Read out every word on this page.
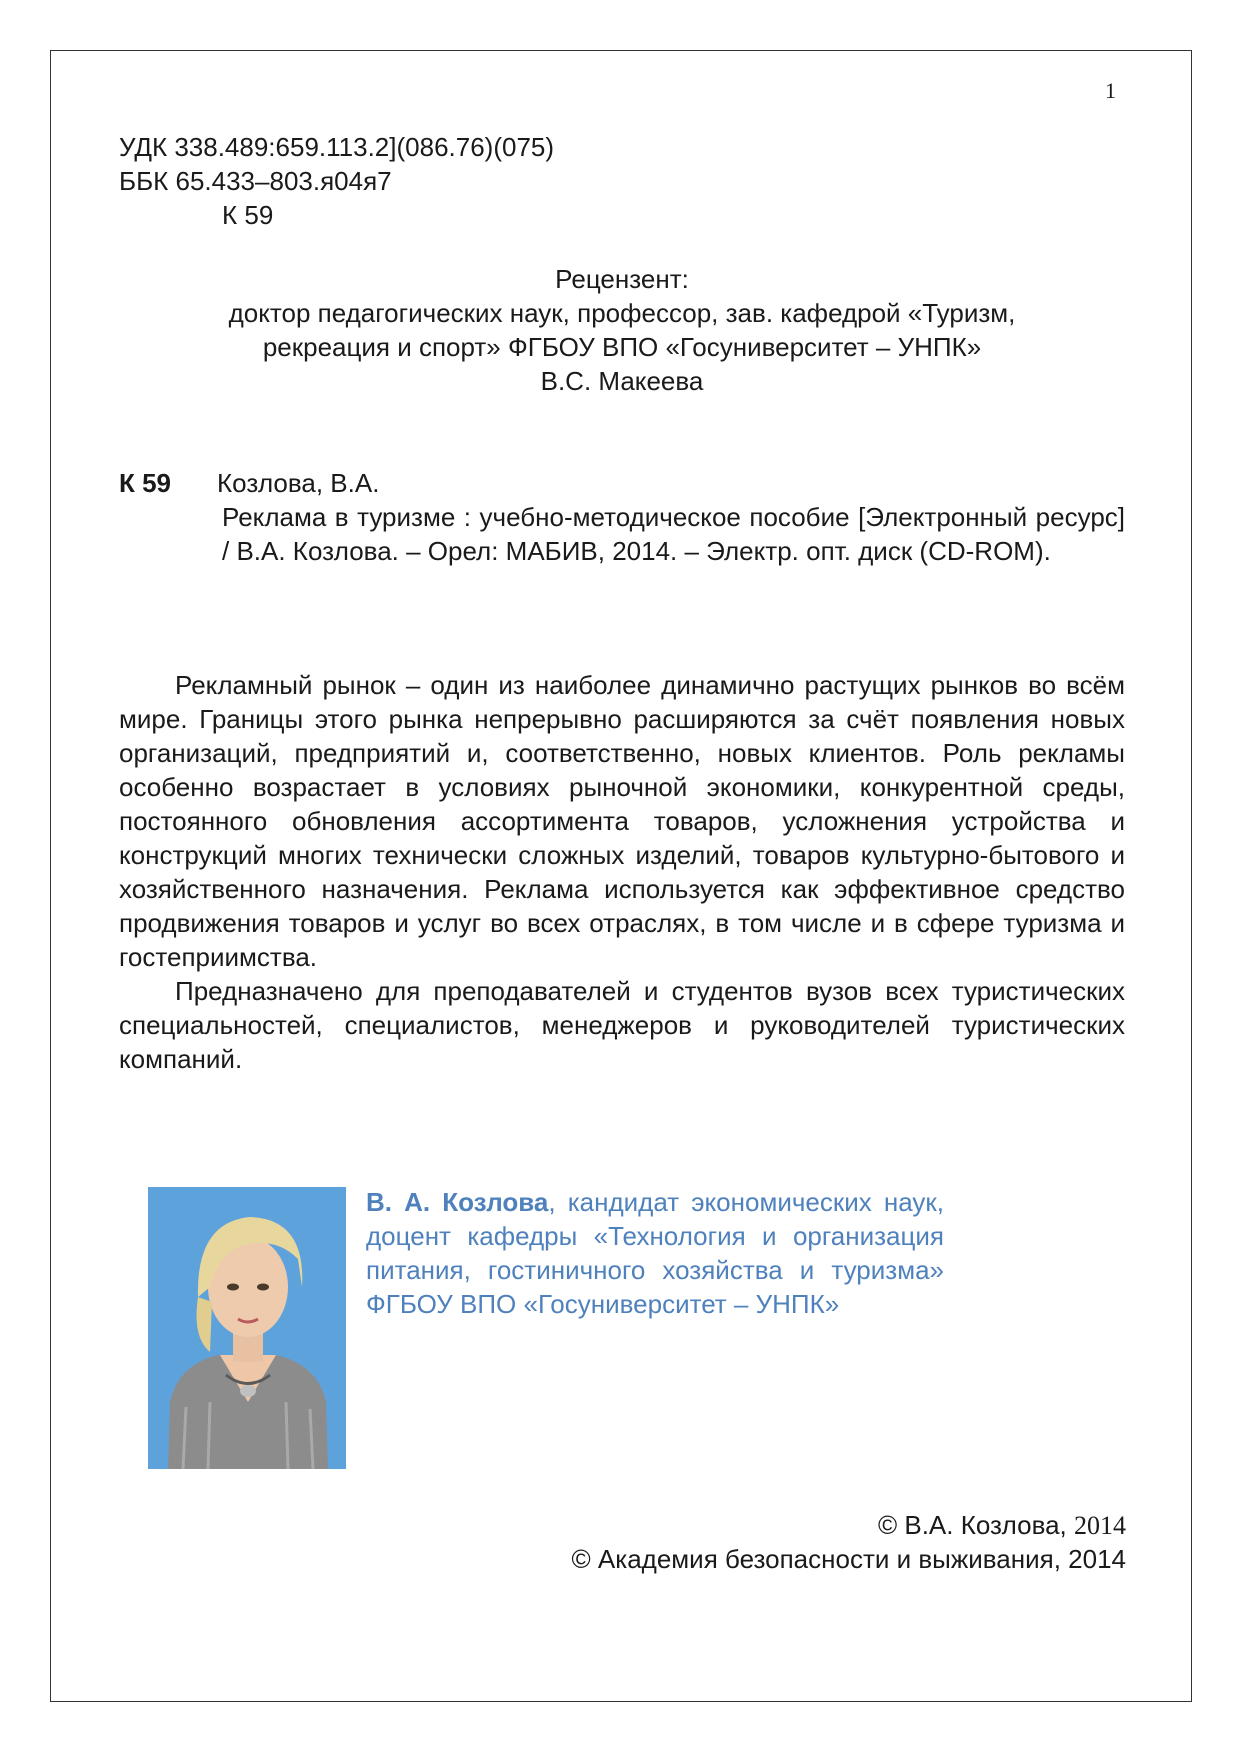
1
УДК 338.489:659.113.2](086.76)(075)
ББК 65.433–803.я04я7
К 59
Рецензент:
доктор педагогических наук, профессор, зав. кафедрой «Туризм,
рекреация и спорт» ФГБОУ ВПО «Госуниверситет – УНПК»
В.С. Макеева
К 59 Козлова, В.А.
Реклама в туризме : учебно-методическое пособие [Электронный ресурс] / В.А. Козлова. – Орел: МАБИВ, 2014. – Электр. опт. диск (CD-ROM).

Рекламный рынок – один из наиболее динамично растущих рынков во всём мире. Границы этого рынка непрерывно расширяются за счёт появления новых организаций, предприятий и, соответственно, новых клиентов. Роль рекламы особенно возрастает в условиях рыночной экономики, конкурентной среды, постоянного обновления ассортимента товаров, усложнения устройства и конструкций многих технически сложных изделий, товаров культурно-бытового и хозяйственного назначения. Реклама используется как эффективное средство продвижения товаров и услуг во всех отраслях, в том числе и в сфере туризма и гостеприимства.

Предназначено для преподавателей и студентов вузов всех туристических специальностей, специалистов, менеджеров и руководителей туристических компаний.

В. А. Козлова, кандидат экономических наук, доцент кафедры «Технология и организация питания, гостиничного хозяйства и туризма» ФГБОУ ВПО «Госуниверситет – УНПК»
© В.А. Козлова, 2014
© Академия безопасности и выживания, 2014
